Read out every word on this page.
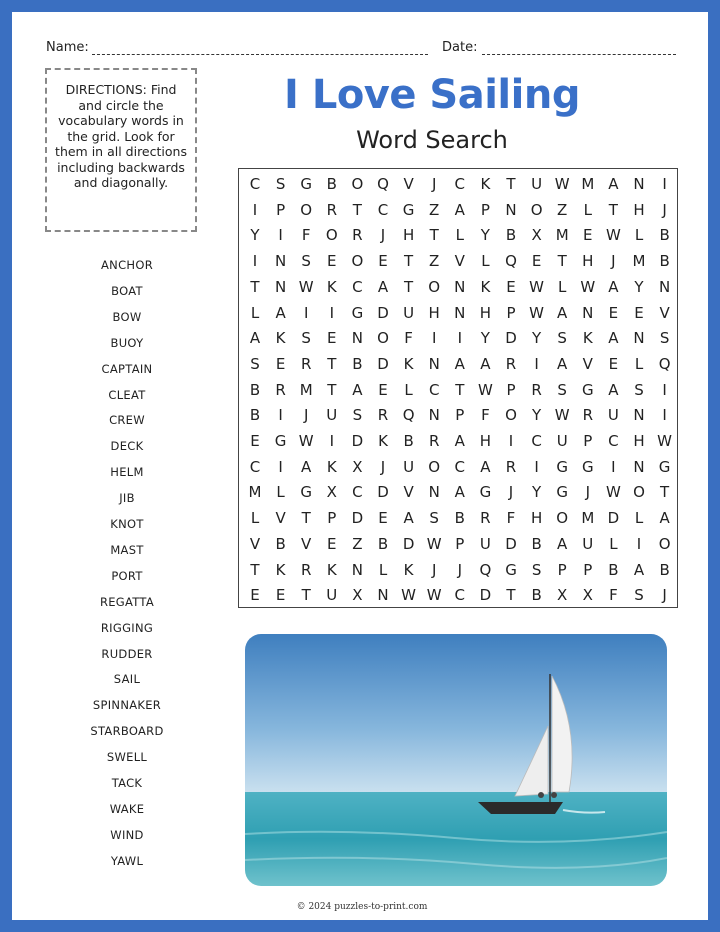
Name:	Date:
DIRECTIONS: Find and circle the vocabulary words in the grid. Look for them in all directions including backwards and diagonally.
I Love Sailing
Word Search
ANCHOR
BOAT
BOW
BUOY
CAPTAIN
CLEAT
CREW
DECK
HELM
JIB
KNOT
MAST
PORT
REGATTA
RIGGING
RUDDER
SAIL
SPINNAKER
STARBOARD
SWELL
TACK
WAKE
WIND
YAWL
C	S	G B O Q V	J	C	K	T	U W M A N	I
I	P	O R	T	C G Z	A	P	N O Z	L	T	H	J
Y	I	F	O R	J	H	T	L	Y	B	X M E W L	B
I	N	S	E O E	T	Z	V	L	Q E	T	H	J	M B
T	N W K	C	A	T	O N	K	E W L W A	Y	N
L	A	I	I	G D U H N H	P W A N	E	E	V
A	K	S	E	N O	F	I	I	Y	D	Y	S	K	A N	S
S	E	R	T	B D K	N A	A	R	I	A	V	E	L	Q
B	R M T	A	E	L	C	T W P	R	S	G A	S	I
B	I	J	U	S	R Q N	P	F	O	Y W R U N	I
E	G W	I	D K	B	R	A H	I	C U	P	C H W
C	I	A	K	X	J	U O C	A	R	I	G G	I	N G
M L	G X	C D V N A G	J	Y	G	J	W O	T
L	V	T	P	D	E	A	S	B	R	F	H O M D	L	A
V	B	V	E	Z	B D W P	U D B	A U	L	I	O
T	K	R	K	N	L	K	J	J	Q G	S	P	P	B	A	B
E	E	T	U X N W W C D	T	B	X	X	F	S	J
© 2024 puzzles-to-print.com
